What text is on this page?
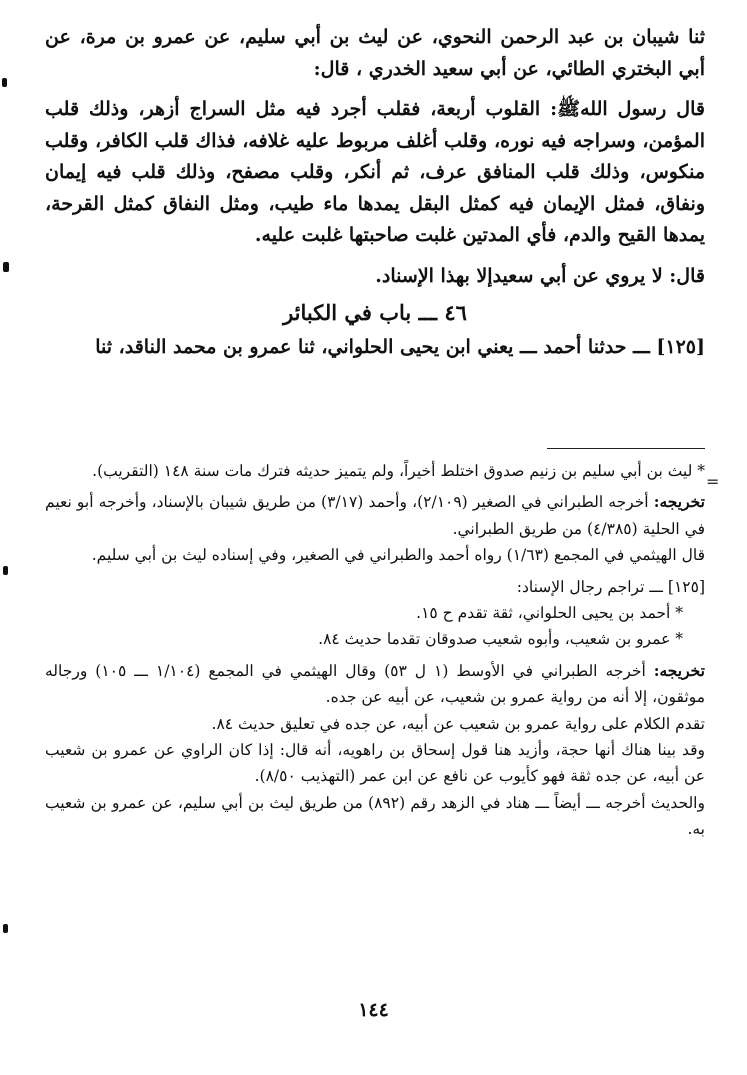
ثنا شيبان بن عبد الرحمن النحوي، عن ليث بن أبي سليم، عن عمرو بن مرة، عن أبي البختري الطائي، عن أبي سعيد الخدري ، قال:

قال رسول اللهﷺ: القلوب أربعة، فقلب أجرد فيه مثل السراج أزهر، وذلك قلب المؤمن، وسراجه فيه نوره، وقلب أغلف مربوط عليه غلافه، فذاك قلب الكافر، وقلب منكوس، وذلك قلب المنافق عرف، ثم أنكر، وقلب مصفح، وذلك قلب فيه إيمان ونفاق، فمثل الإيمان فيه كمثل البقل يمدها ماء طيب، ومثل النفاق كمثل القرحة، يمدها القيح والدم، فأي المدتين غلبت صاحبتها غلبت عليه.

قال: لا يروي عن أبي سعيدإلا بهذا الإسناد.

٤٦ ـــ باب في الكبائر

[١٢٥] ـــ حدثنا أحمد ـــ يعني ابن يحيى الحلواني، ثنا عمرو بن محمد الناقد، ثنا

* ليث بن أبي سليم بن زنيم صدوق اختلط أخيراً، ولم يتميز حديثه فترك مات سنة ١٤٨ (التقريب).

تخريجه: أخرجه الطبراني في الصغير (٢/١٠٩)، وأحمد (٣/١٧) من طريق شيبان بالإسناد، وأخرجه أبو نعيم في الحلية (٤/٣٨٥) من طريق الطبراني.

قال الهيثمي في المجمع (١/٦٣) رواه أحمد والطبراني في الصغير، وفي إسناده ليث بن أبي سليم.

[١٢٥] ـــ تراجم رجال الإسناد:

* أحمد بن يحيى الحلواني، ثقة تقدم ح ١٥.

* عمرو بن شعيب، وأبوه شعيب صدوقان تقدما حديث ٨٤.

تخريجه: أخرجه الطبراني في الأوسط (١ ل ٥٣) وقال الهيثمي في المجمع (١/١٠٤ ـــ ١٠٥) ورجاله موثقون، إلا أنه من رواية عمرو بن شعيب، عن أبيه عن جده.

تقدم الكلام على رواية عمرو بن شعيب عن أبيه، عن جده في تعليق حديث ٨٤.

وقد بينا هناك أنها حجة، وأزيد هنا قول إسحاق بن راهويه، أنه قال: إذا كان الراوي عن عمرو بن شعيب عن أبيه، عن جده ثقة فهو كأيوب عن نافع عن ابن عمر (التهذيب ٨/٥٠).

والحديث أخرجه ـــ أيضاً ـــ هناد في الزهد رقم (٨٩٢) من طريق ليث بن أبي سليم، عن عمرو بن شعيب به.

١٤٤
=
